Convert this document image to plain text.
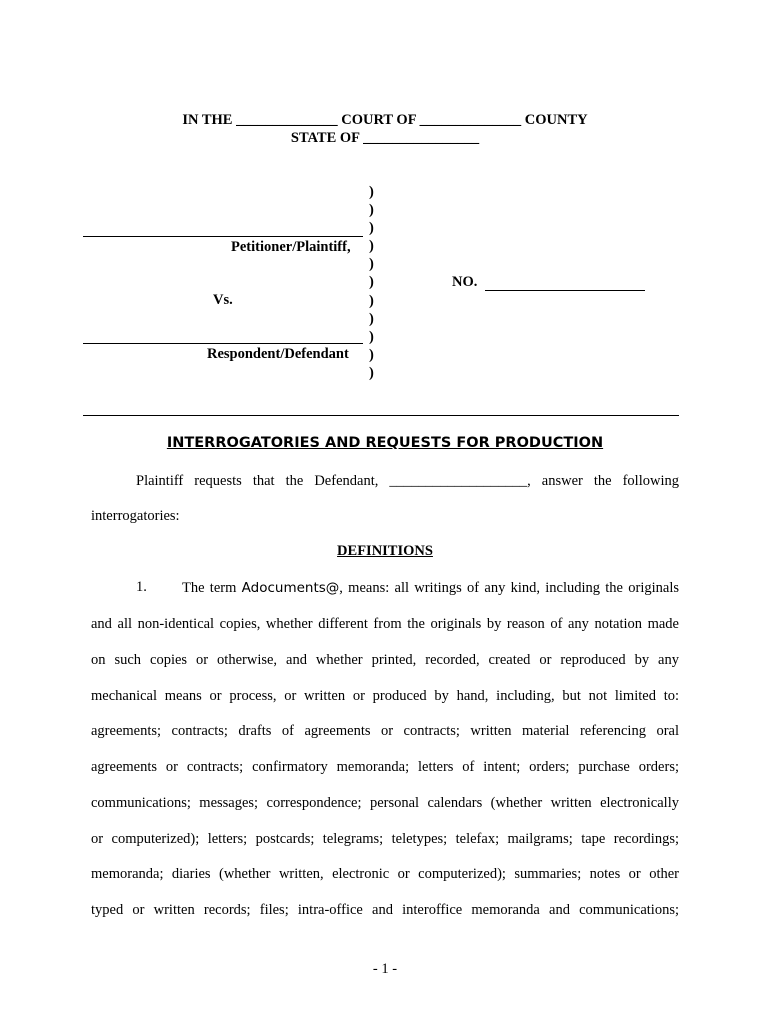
IN THE ______________ COURT OF ______________ COUNTY
STATE OF ________________
)
)
)
)
)
)
)
)
)
)
)
Petitioner/Plaintiff,
Vs.
Respondent/Defendant
NO.
INTERROGATORIES AND REQUESTS FOR PRODUCTION
Plaintiff requests that the Defendant, ___________________, answer the following
interrogatories:
DEFINITIONS
1. The term Adocuments@, means: all writings of any kind, including the originals
and all non-identical copies, whether different from the originals by reason of any notation made
on such copies or otherwise, and whether printed, recorded, created or reproduced by any
mechanical means or process, or written or produced by hand, including, but not limited to:
agreements; contracts; drafts of agreements or contracts; written material referencing oral
agreements or contracts; confirmatory memoranda; letters of intent; orders; purchase orders;
communications; messages; correspondence; personal calendars (whether written electronically
or computerized); letters; postcards; telegrams; teletypes; telefax; mailgrams; tape recordings;
memoranda; diaries (whether written, electronic or computerized); summaries; notes or other
typed or written records; files; intra-office and interoffice memoranda and communications;
- 1 -
